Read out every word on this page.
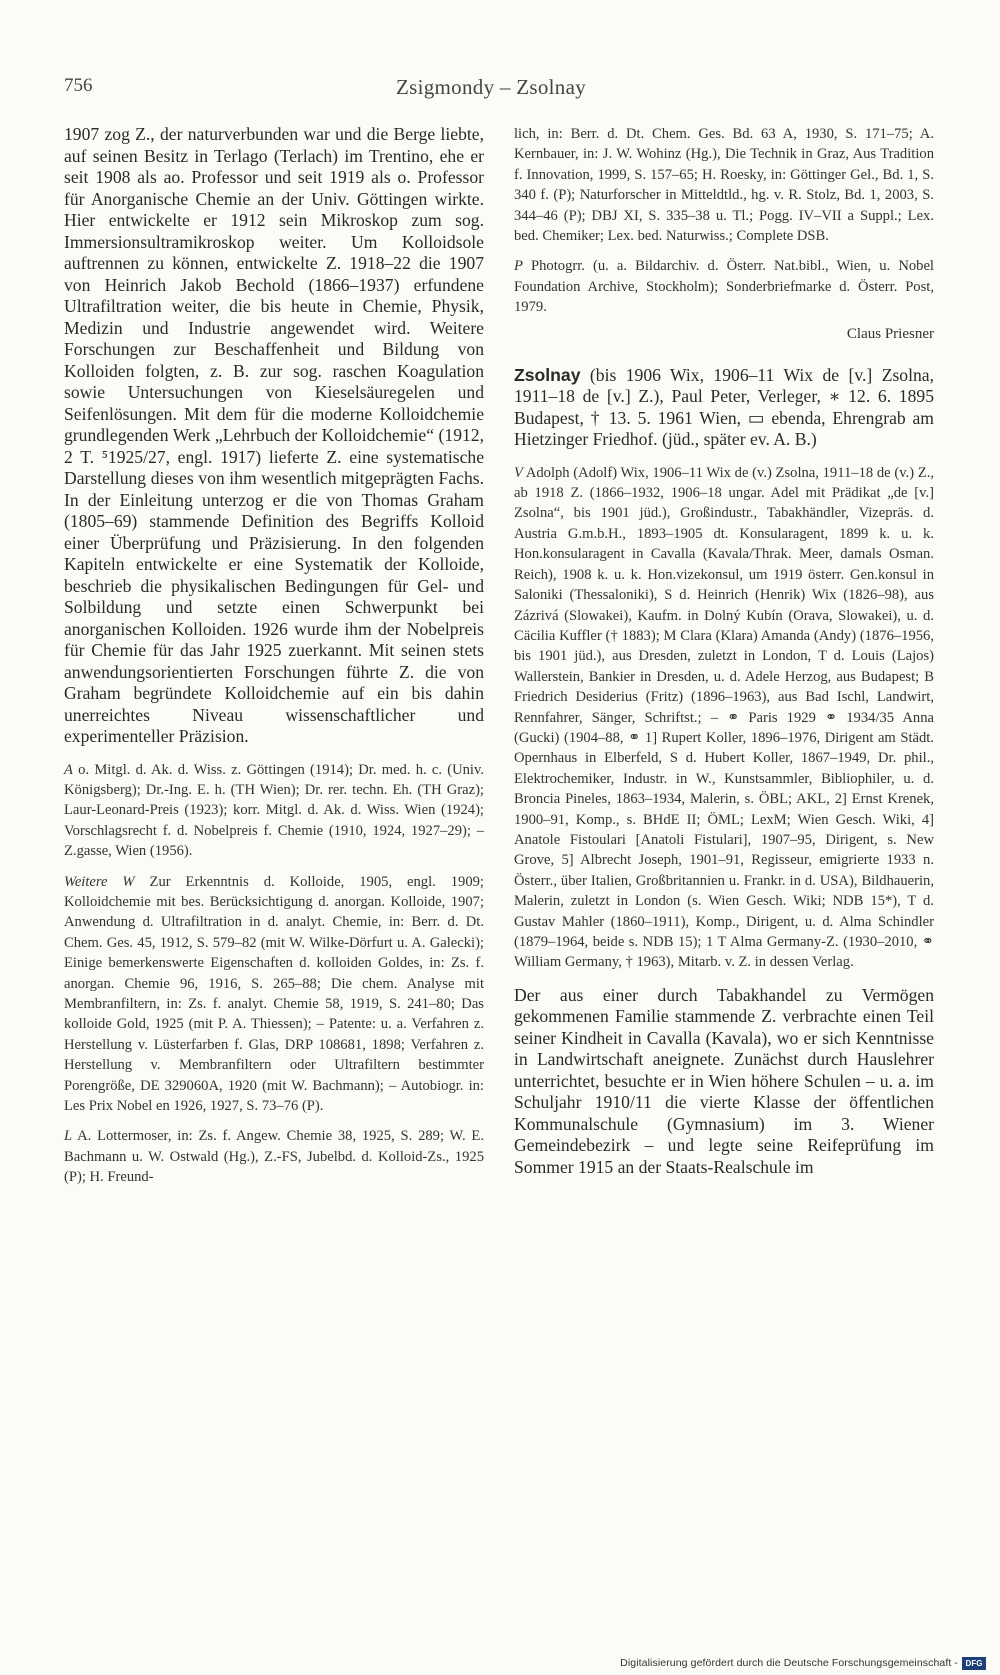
756	Zsigmondy – Zsolnay

1907 zog Z., der naturverbunden war und die Berge liebte, auf seinen Besitz in Terlago (Terlach) im Trentino, ehe er seit 1908 als ao. Professor und seit 1919 als o. Professor für Anorganische Chemie an der Univ. Göttingen wirkte. Hier entwickelte er 1912 sein Mikroskop zum sog. Immersionsultramikroskop weiter. Um Kolloidsole auftrennen zu können, entwickelte Z. 1918–22 die 1907 von Heinrich Jakob Bechold (1866–1937) erfundene Ultrafiltration weiter, die bis heute in Chemie, Physik, Medizin und Industrie angewendet wird. Weitere Forschungen zur Beschaffenheit und Bildung von Kolloiden folgten, z. B. zur sog. raschen Koagulation sowie Untersuchungen von Kieselsäuregelen und Seifenlösungen. Mit dem für die moderne Kolloidchemie grundlegenden Werk „Lehrbuch der Kolloidchemie“ (1912, 2 T. ⁵1925/27, engl. 1917) lieferte Z. eine systematische Darstellung dieses von ihm wesentlich mitgeprägten Fachs. In der Einleitung unterzog er die von Thomas Graham (1805–69) stammende Definition des Begriffs Kolloid einer Überprüfung und Präzisierung. In den folgenden Kapiteln entwickelte er eine Systematik der Kolloide, beschrieb die physikalischen Bedingungen für Gel- und Solbildung und setzte einen Schwerpunkt bei anorganischen Kolloiden. 1926 wurde ihm der Nobelpreis für Chemie für das Jahr 1925 zuerkannt. Mit seinen stets anwendungsorientierten Forschungen führte Z. die von Graham begründete Kolloidchemie auf ein bis dahin unerreichtes Niveau wissenschaftlicher und experimenteller Präzision.

A o. Mitgl. d. Ak. d. Wiss. z. Göttingen (1914); Dr. med. h. c. (Univ. Königsberg); Dr.-Ing. E. h. (TH Wien); Dr. rer. techn. Eh. (TH Graz); Laur-Leonard-Preis (1923); korr. Mitgl. d. Ak. d. Wiss. Wien (1924); Vorschlagsrecht f. d. Nobelpreis f. Chemie (1910, 1924, 1927–29); – Z.gasse, Wien (1956).

Weitere W Zur Erkenntnis d. Kolloide, 1905, engl. 1909; Kolloidchemie mit bes. Berücksichtigung d. anorgan. Kolloide, 1907; Anwendung d. Ultrafiltration in d. analyt. Chemie, in: Berr. d. Dt. Chem. Ges. 45, 1912, S. 579–82 (mit W. Wilke-Dörfurt u. A. Galecki); Einige bemerkenswerte Eigenschaften d. kolloiden Goldes, in: Zs. f. anorgan. Chemie 96, 1916, S. 265–88; Die chem. Analyse mit Membranfiltern, in: Zs. f. analyt. Chemie 58, 1919, S. 241–80; Das kolloide Gold, 1925 (mit P. A. Thiessen); – Patente: u. a. Verfahren z. Herstellung v. Lüsterfarben f. Glas, DRP 108681, 1898; Verfahren z. Herstellung v. Membranfiltern oder Ultrafiltern bestimmter Porengröße, DE 329060A, 1920 (mit W. Bachmann); – Autobiogr. in: Les Prix Nobel en 1926, 1927, S. 73–76 (P).

L A. Lottermoser, in: Zs. f. Angew. Chemie 38, 1925, S. 289; W. E. Bachmann u. W. Ostwald (Hg.), Z.-FS, Jubelbd. d. Kolloid-Zs., 1925 (P); H. Freund-

lich, in: Berr. d. Dt. Chem. Ges. Bd. 63 A, 1930, S. 171–75; A. Kernbauer, in: J. W. Wohinz (Hg.), Die Technik in Graz, Aus Tradition f. Innovation, 1999, S. 157–65; H. Roesky, in: Göttinger Gel., Bd. 1, S. 340 f. (P); Naturforscher in Mitteldtld., hg. v. R. Stolz, Bd. 1, 2003, S. 344–46 (P); DBJ XI, S. 335–38 u. Tl.; Pogg. IV–VII a Suppl.; Lex. bed. Chemiker; Lex. bed. Naturwiss.; Complete DSB.

P Photogrr. (u. a. Bildarchiv. d. Österr. Nat.bibl., Wien, u. Nobel Foundation Archive, Stockholm); Sonderbriefmarke d. Österr. Post, 1979.

Claus Priesner

Zsolnay (bis 1906 Wix, 1906–11 Wix de [v.] Zsolna, 1911–18 de [v.] Z.), Paul Peter, Verleger, ∗ 12. 6. 1895 Budapest, † 13. 5. 1961 Wien, ▭ ebenda, Ehrengrab am Hietzinger Friedhof. (jüd., später ev. A. B.)

V Adolph (Adolf) Wix, 1906–11 Wix de (v.) Zsolna, 1911–18 de (v.) Z., ab 1918 Z. (1866–1932, 1906–18 ungar. Adel mit Prädikat „de [v.] Zsolna“, bis 1901 jüd.), Großindustr., Tabakhändler, Vizepräs. d. Austria G.m.b.H., 1893–1905 dt. Konsularagent, 1899 k. u. k. Hon.konsularagent in Cavalla (Kavala/Thrak. Meer, damals Osman. Reich), 1908 k. u. k. Hon.vizekonsul, um 1919 österr. Gen.konsul in Saloniki (Thessaloniki), S d. Heinrich (Henrik) Wix (1826–98), aus Zázrivá (Slowakei), Kaufm. in Dolný Kubín (Orava, Slowakei), u. d. Cäcilia Kuffler († 1883); M Clara (Klara) Amanda (Andy) (1876–1956, bis 1901 jüd.), aus Dresden, zuletzt in London, T d. Louis (Lajos) Wallerstein, Bankier in Dresden, u. d. Adele Herzog, aus Budapest; B Friedrich Desiderius (Fritz) (1896–1963), aus Bad Ischl, Landwirt, Rennfahrer, Sänger, Schriftst.; – ⚭ Paris 1929 ⚭ 1934/35 Anna (Gucki) (1904–88, ⚭ 1] Rupert Koller, 1896–1976, Dirigent am Städt. Opernhaus in Elberfeld, S d. Hubert Koller, 1867–1949, Dr. phil., Elektrochemiker, Industr. in W., Kunstsammler, Bibliophiler, u. d. Broncia Pineles, 1863–1934, Malerin, s. ÖBL; AKL, 2] Ernst Krenek, 1900–91, Komp., s. BHdE II; ÖML; LexM; Wien Gesch. Wiki, 4] Anatole Fistoulari [Anatoli Fistulari], 1907–95, Dirigent, s. New Grove, 5] Albrecht Joseph, 1901–91, Regisseur, emigrierte 1933 n. Österr., über Italien, Großbritannien u. Frankr. in d. USA), Bildhauerin, Malerin, zuletzt in London (s. Wien Gesch. Wiki; NDB 15*), T d. Gustav Mahler (1860–1911), Komp., Dirigent, u. d. Alma Schindler (1879–1964, beide s. NDB 15); 1 T Alma Germany-Z. (1930–2010, ⚭ William Germany, † 1963), Mitarb. v. Z. in dessen Verlag.

Der aus einer durch Tabakhandel zu Vermögen gekommenen Familie stammende Z. verbrachte einen Teil seiner Kindheit in Cavalla (Kavala), wo er sich Kenntnisse in Landwirtschaft aneignete. Zunächst durch Hauslehrer unterrichtet, besuchte er in Wien höhere Schulen – u. a. im Schuljahr 1910/11 die vierte Klasse der öffentlichen Kommunalschule (Gymnasium) im 3. Wiener Gemeindebezirk – und legte seine Reifeprüfung im Sommer 1915 an der Staats-Realschule im

Digitalisierung gefördert durch die Deutsche Forschungsgemeinschaft - DFG
